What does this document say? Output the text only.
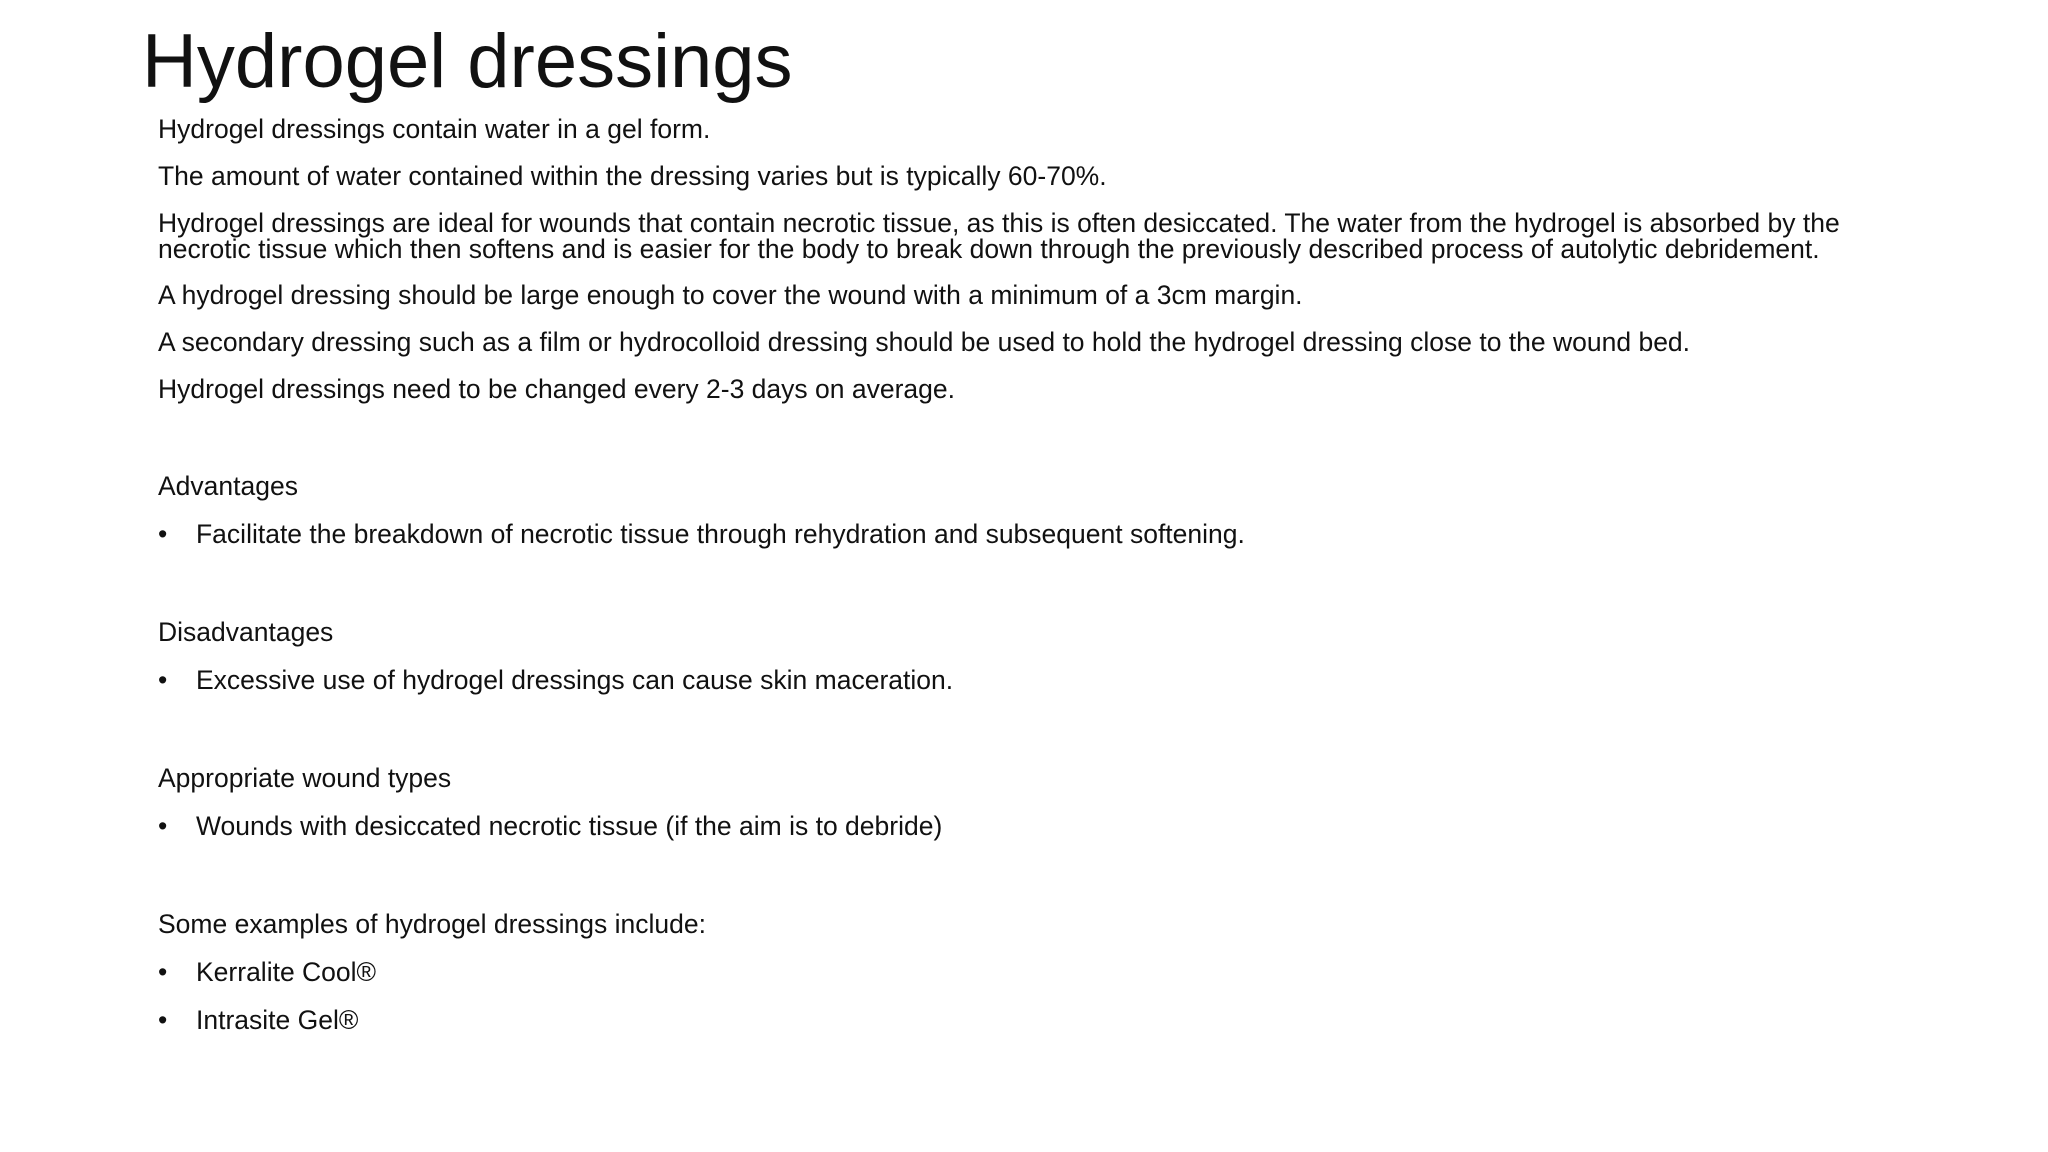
Hydrogel dressings

Hydrogel dressings contain water in a gel form.

The amount of water contained within the dressing varies but is typically 60-70%.

Hydrogel dressings are ideal for wounds that contain necrotic tissue, as this is often desiccated. The water from the hydrogel is absorbed by the necrotic tissue which then softens and is easier for the body to break down through the previously described process of autolytic debridement.

A hydrogel dressing should be large enough to cover the wound with a minimum of a 3cm margin.

A secondary dressing such as a film or hydrocolloid dressing should be used to hold the hydrogel dressing close to the wound bed.

Hydrogel dressings need to be changed every 2-3 days on average.

Advantages

•	Facilitate the breakdown of necrotic tissue through rehydration and subsequent softening.

Disadvantages

•	Excessive use of hydrogel dressings can cause skin maceration.

Appropriate wound types

•	Wounds with desiccated necrotic tissue (if the aim is to debride)

Some examples of hydrogel dressings include:

•	Kerralite Cool®
•	Intrasite Gel®
